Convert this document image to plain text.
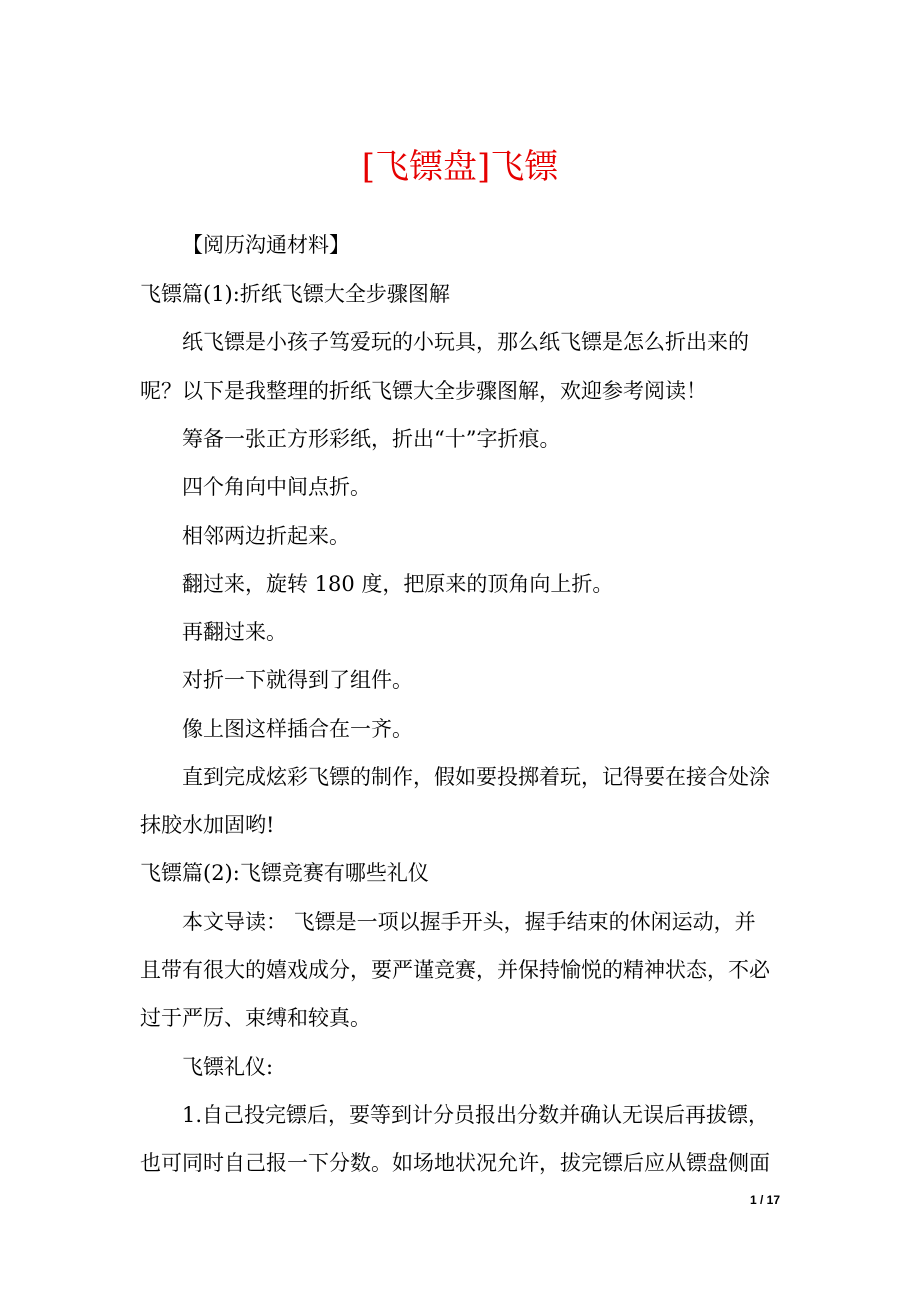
[飞镖盘]飞镖
【阅历沟通材料】
飞镖篇(1):折纸飞镖大全步骤图解
纸飞镖是小孩子笃爱玩的小玩具，那么纸飞镖是怎么折出来的
呢？以下是我整理的折纸飞镖大全步骤图解，欢迎参考阅读！
筹备一张正方形彩纸，折出“十”字折痕。
四个角向中间点折。
相邻两边折起来。
翻过来，旋转 180 度，把原来的顶角向上折。
再翻过来。
对折一下就得到了组件。
像上图这样插合在一齐。
直到完成炫彩飞镖的制作，假如要投掷着玩，记得要在接合处涂
抹胶水加固哟!
飞镖篇(2):飞镖竞赛有哪些礼仪
本文导读： 飞镖是一项以握手开头，握手结束的休闲运动，并
且带有很大的嬉戏成分，要严谨竞赛，并保持愉悦的精神状态，不必
过于严厉、束缚和较真。
飞镖礼仪:
1.自己投完镖后，要等到计分员报出分数并确认无误后再拔镖，
也可同时自己报一下分数。如场地状况允许，拔完镖后应从镖盘侧面
1 / 17
